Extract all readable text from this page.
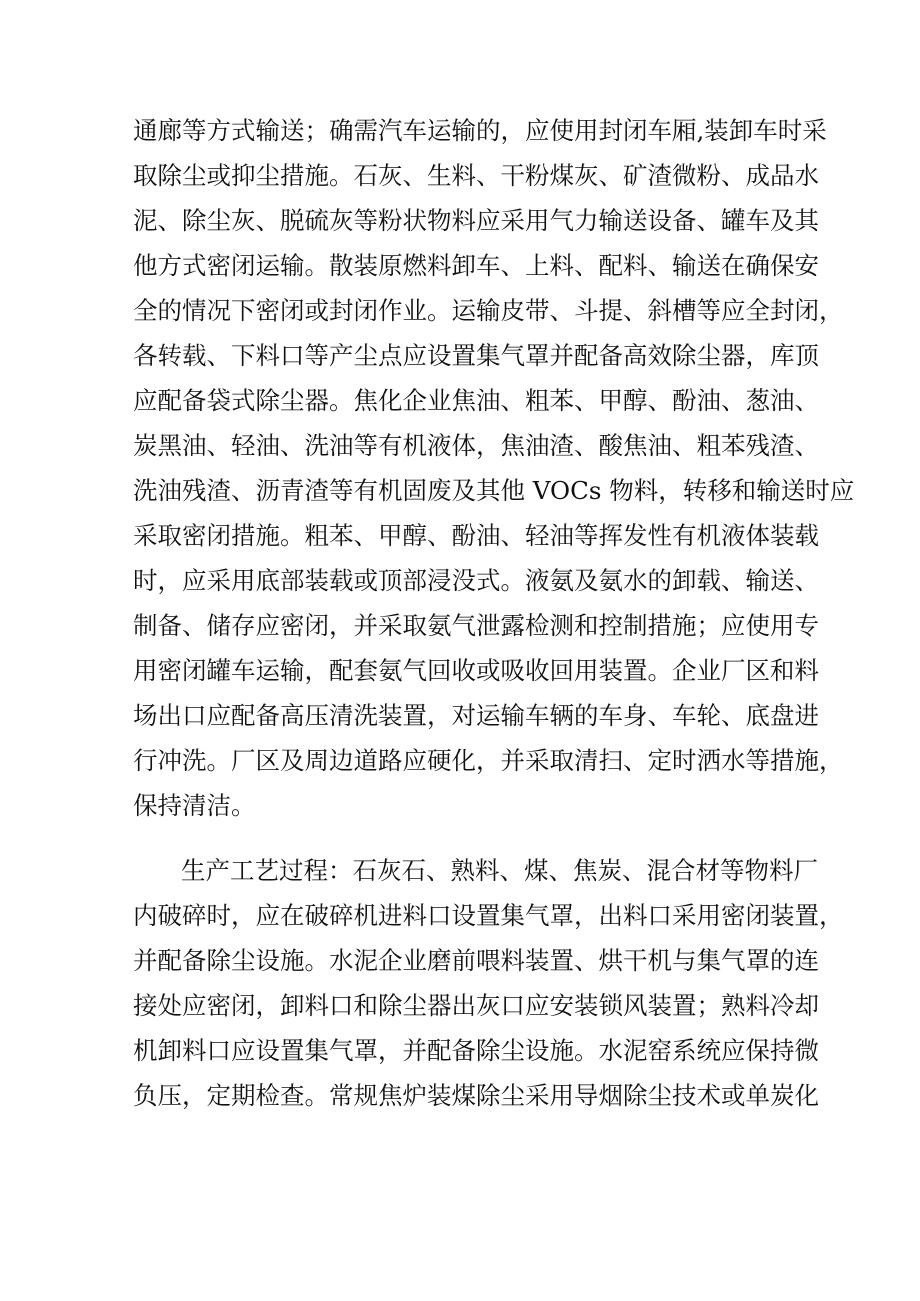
通廊等方式输送；确需汽车运输的，应使用封闭车厢,装卸车时采
取除尘或抑尘措施。石灰、生料、干粉煤灰、矿渣微粉、成品水
泥、除尘灰、脱硫灰等粉状物料应采用气力输送设备、罐车及其
他方式密闭运输。散装原燃料卸车、上料、配料、输送在确保安
全的情况下密闭或封闭作业。运输皮带、斗提、斜槽等应全封闭，
各转载、下料口等产尘点应设置集气罩并配备高效除尘器，库顶
应配备袋式除尘器。焦化企业焦油、粗苯、甲醇、酚油、葱油、
炭黑油、轻油、洗油等有机液体，焦油渣、酸焦油、粗苯残渣、
洗油残渣、沥青渣等有机固废及其他 VOCs 物料，转移和输送时应
采取密闭措施。粗苯、甲醇、酚油、轻油等挥发性有机液体装载
时，应采用底部装载或顶部浸没式。液氨及氨水的卸载、输送、
制备、储存应密闭，并采取氨气泄露检测和控制措施；应使用专
用密闭罐车运输，配套氨气回收或吸收回用装置。企业厂区和料
场出口应配备高压清洗装置，对运输车辆的车身、车轮、底盘进
行冲洗。厂区及周边道路应硬化，并采取清扫、定时洒水等措施，
保持清洁。
生产工艺过程：石灰石、熟料、煤、焦炭、混合材等物料厂
内破碎时，应在破碎机进料口设置集气罩，出料口采用密闭装置，
并配备除尘设施。水泥企业磨前喂料装置、烘干机与集气罩的连
接处应密闭，卸料口和除尘器出灰口应安装锁风装置；熟料冷却
机卸料口应设置集气罩，并配备除尘设施。水泥窑系统应保持微
负压，定期检查。常规焦炉装煤除尘采用导烟除尘技术或单炭化
